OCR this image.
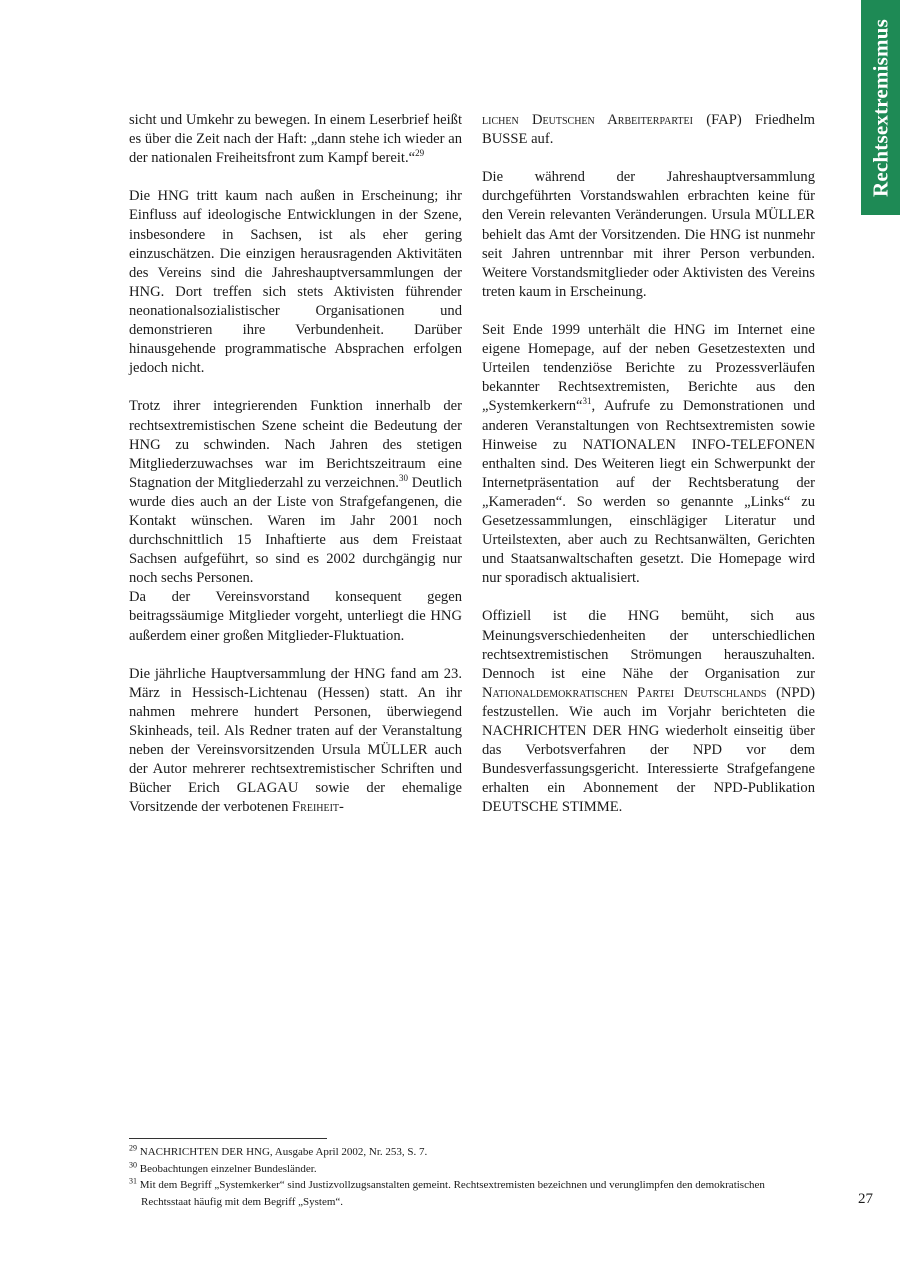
Rechtsextremismus

sicht und Umkehr zu bewegen. In einem Leserbrief heißt es über die Zeit nach der Haft: „dann stehe ich wieder an der nationalen Freiheitsfront zum Kampf bereit.“$^{29}$

Die HNG tritt kaum nach außen in Erscheinung; ihr Einfluss auf ideologische Entwicklungen in der Szene, insbesondere in Sachsen, ist als eher gering einzuschätzen. Die einzigen herausragenden Aktivitäten des Vereins sind die Jahreshauptversammlungen der HNG. Dort treffen sich stets Aktivisten führender neonationalsozialistischer Organisationen und demonstrieren ihre Verbundenheit. Darüber hinausgehende programmatische Absprachen erfolgen jedoch nicht.

Trotz ihrer integrierenden Funktion innerhalb der rechtsextremistischen Szene scheint die Bedeutung der HNG zu schwinden. Nach Jahren des stetigen Mitgliederzuwachses war im Berichtszeitraum eine Stagnation der Mitgliederzahl zu verzeichnen.$^{30}$ Deutlich wurde dies auch an der Liste von Strafgefangenen, die Kontakt wünschen. Waren im Jahr 2001 noch durchschnittlich 15 Inhaftierte aus dem Freistaat Sachsen aufgeführt, so sind es 2002 durchgängig nur noch sechs Personen.

Da der Vereinsvorstand konsequent gegen beitragssäumige Mitglieder vorgeht, unterliegt die HNG außerdem einer großen Mitglieder-Fluktuation.

Die jährliche Hauptversammlung der HNG fand am 23. März in Hessisch-Lichtenau (Hessen) statt. An ihr nahmen mehrere hundert Personen, überwiegend Skinheads, teil. Als Redner traten auf der Veranstaltung neben der Vereinsvorsitzenden Ursula MÜLLER auch der Autor mehrerer rechtsextremistischer Schriften und Bücher Erich GLAGAU sowie der ehemalige Vorsitzende der verbotenen Freiheit-

lichen Deutschen Arbeiterpartei (FAP) Friedhelm BUSSE auf.

Die während der Jahreshauptversammlung durchgeführten Vorstandswahlen erbrachten keine für den Verein relevanten Veränderungen. Ursula MÜLLER behielt das Amt der Vorsitzenden. Die HNG ist nunmehr seit Jahren untrennbar mit ihrer Person verbunden. Weitere Vorstandsmitglieder oder Aktivisten des Vereins treten kaum in Erscheinung.

Seit Ende 1999 unterhält die HNG im Internet eine eigene Homepage, auf der neben Gesetzestexten und Urteilen tendenziöse Berichte zu Prozessverläufen bekannter Rechtsextremisten, Berichte aus den „Systemkerkern“$^{31}$, Aufrufe zu Demonstrationen und anderen Veranstaltungen von Rechtsextremisten sowie Hinweise zu NATIONALEN INFO-TELEFONEN enthalten sind. Des Weiteren liegt ein Schwerpunkt der Internetpräsentation auf der Rechtsberatung der „Kameraden“. So werden so genannte „Links“ zu Gesetzessammlungen, einschlägiger Literatur und Urteilstexten, aber auch zu Rechtsanwälten, Gerichten und Staatsanwaltschaften gesetzt. Die Homepage wird nur sporadisch aktualisiert.

Offiziell ist die HNG bemüht, sich aus Meinungsverschiedenheiten der unterschiedlichen rechtsextremistischen Strömungen herauszuhalten. Dennoch ist eine Nähe der Organisation zur Nationaldemokratischen Partei Deutschlands (NPD) festzustellen. Wie auch im Vorjahr berichteten die NACHRICHTEN DER HNG wiederholt einseitig über das Verbotsverfahren der NPD vor dem Bundesverfassungsgericht. Interessierte Strafgefangene erhalten ein Abonnement der NPD-Publikation DEUTSCHE STIMME.

$^{29}$ NACHRICHTEN DER HNG, Ausgabe April 2002, Nr. 253, S. 7.
$^{30}$ Beobachtungen einzelner Bundesländer.
$^{31}$ Mit dem Begriff „Systemkerker“ sind Justizvollzugsanstalten gemeint. Rechtsextremisten bezeichnen und verunglimpfen den demokratischen Rechtsstaat häufig mit dem Begriff „System“.	27
